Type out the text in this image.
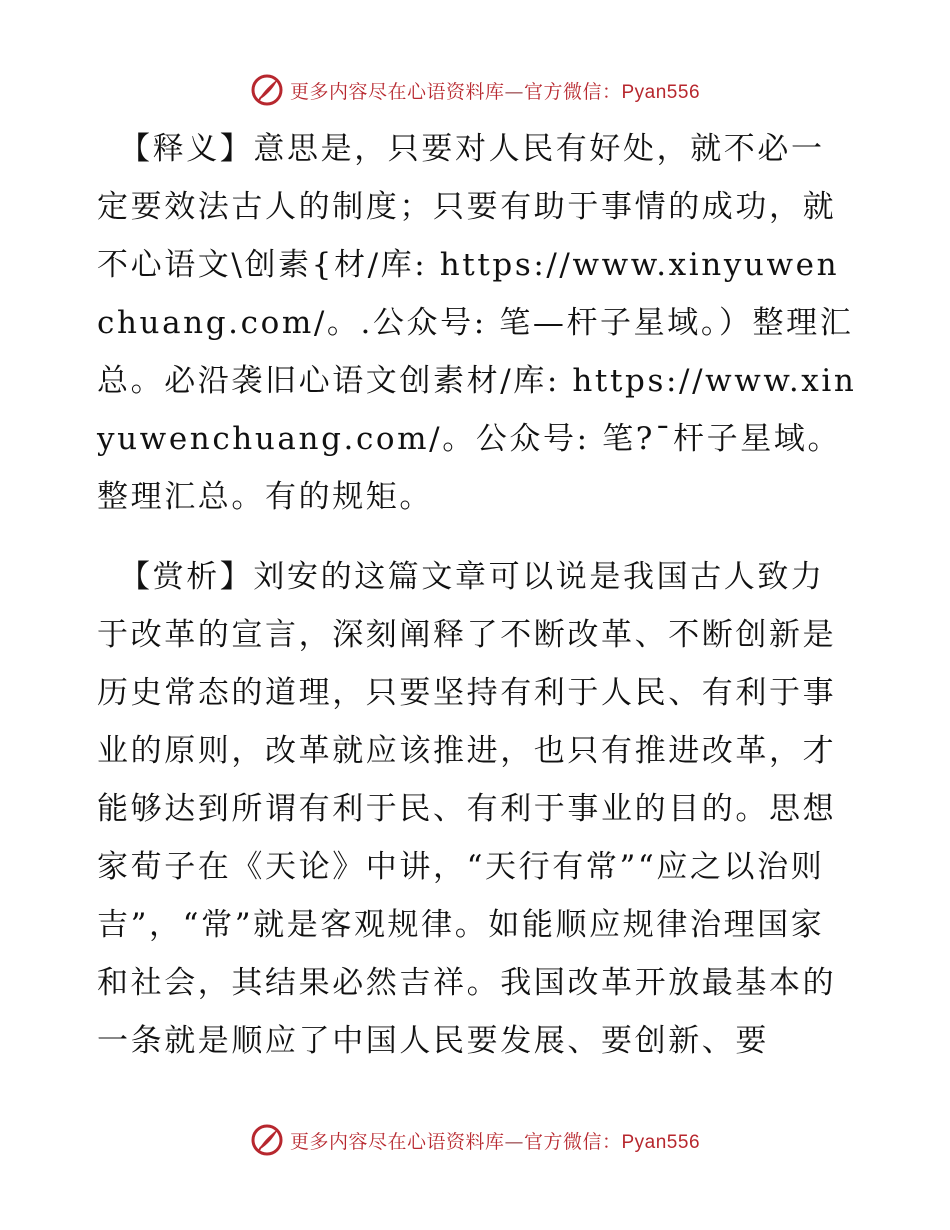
更多内容尽在心语资料库—官方微信：Pyan556

【释义】意思是，只要对人民有好处，就不必一定要效法古人的制度；只要有助于事情的成功，就不心语文\创素{材/库: https://www.xinyuwenchuang.com/。.公众号: 笔—杆子星域。）整理汇总。必沿袭旧心语文创素材/库: https://www.xinyuwenchuang.com/。公众号: 笔?¯杆子星域。整理汇总。有的规矩。

【赏析】刘安的这篇文章可以说是我国古人致力于改革的宣言，深刻阐释了不断改革、不断创新是历史常态的道理，只要坚持有利于人民、有利于事业的原则，改革就应该推进，也只有推进改革，才能够达到所谓有利于民、有利于事业的目的。思想家荀子在《天论》中讲，“天行有常”“应之以治则吉”，“常”就是客观规律。如能顺应规律治理国家和社会，其结果必然吉祥。我国改革开放最基本的一条就是顺应了中国人民要发展、要创新、要

更多内容尽在心语资料库—官方微信：Pyan556
